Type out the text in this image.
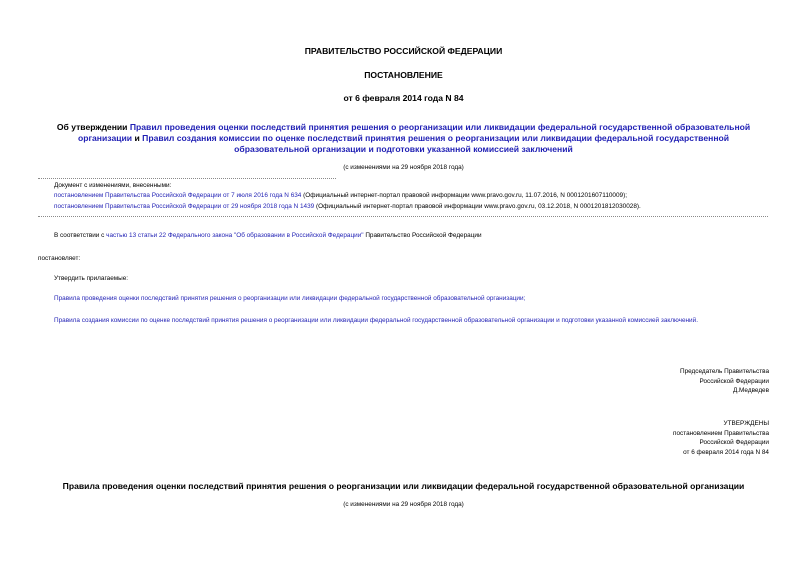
ПРАВИТЕЛЬСТВО РОССИЙСКОЙ ФЕДЕРАЦИИ
ПОСТАНОВЛЕНИЕ
от 6 февраля 2014 года N 84
Об утверждении Правил проведения оценки последствий принятия решения о реорганизации или ликвидации федеральной государственной образовательной организации и Правил создания комиссии по оценке последствий принятия решения о реорганизации или ликвидации федеральной государственной образовательной организации и подготовки указанной комиссией заключений
(с изменениями на 29 ноября 2018 года)
Документ с изменениями, внесенными:
постановлением Правительства Российской Федерации от 7 июля 2016 года N 634 (Официальный интернет-портал правовой информации www.pravo.gov.ru, 11.07.2016, N 0001201607110009);
постановлением Правительства Российской Федерации от 29 ноября 2018 года N 1439 (Официальный интернет-портал правовой информации www.pravo.gov.ru, 03.12.2018, N 0001201812030028).
В соответствии с частью 13 статьи 22 Федерального закона "Об образовании в Российской Федерации" Правительство Российской Федерации
постановляет:
Утвердить прилагаемые:
Правила проведения оценки последствий принятия решения о реорганизации или ликвидации федеральной государственной образовательной организации;
Правила создания комиссии по оценке последствий принятия решения о реорганизации или ликвидации федеральной государственной образовательной организации и подготовки указанной комиссией заключений.
Председатель Правительства
Российской Федерации
Д.Медведев
УТВЕРЖДЕНЫ
постановлением Правительства
Российской Федерации
от 6 февраля 2014 года N 84
Правила проведения оценки последствий принятия решения о реорганизации или ликвидации федеральной государственной образовательной организации
(с изменениями на 29 ноября 2018 года)
